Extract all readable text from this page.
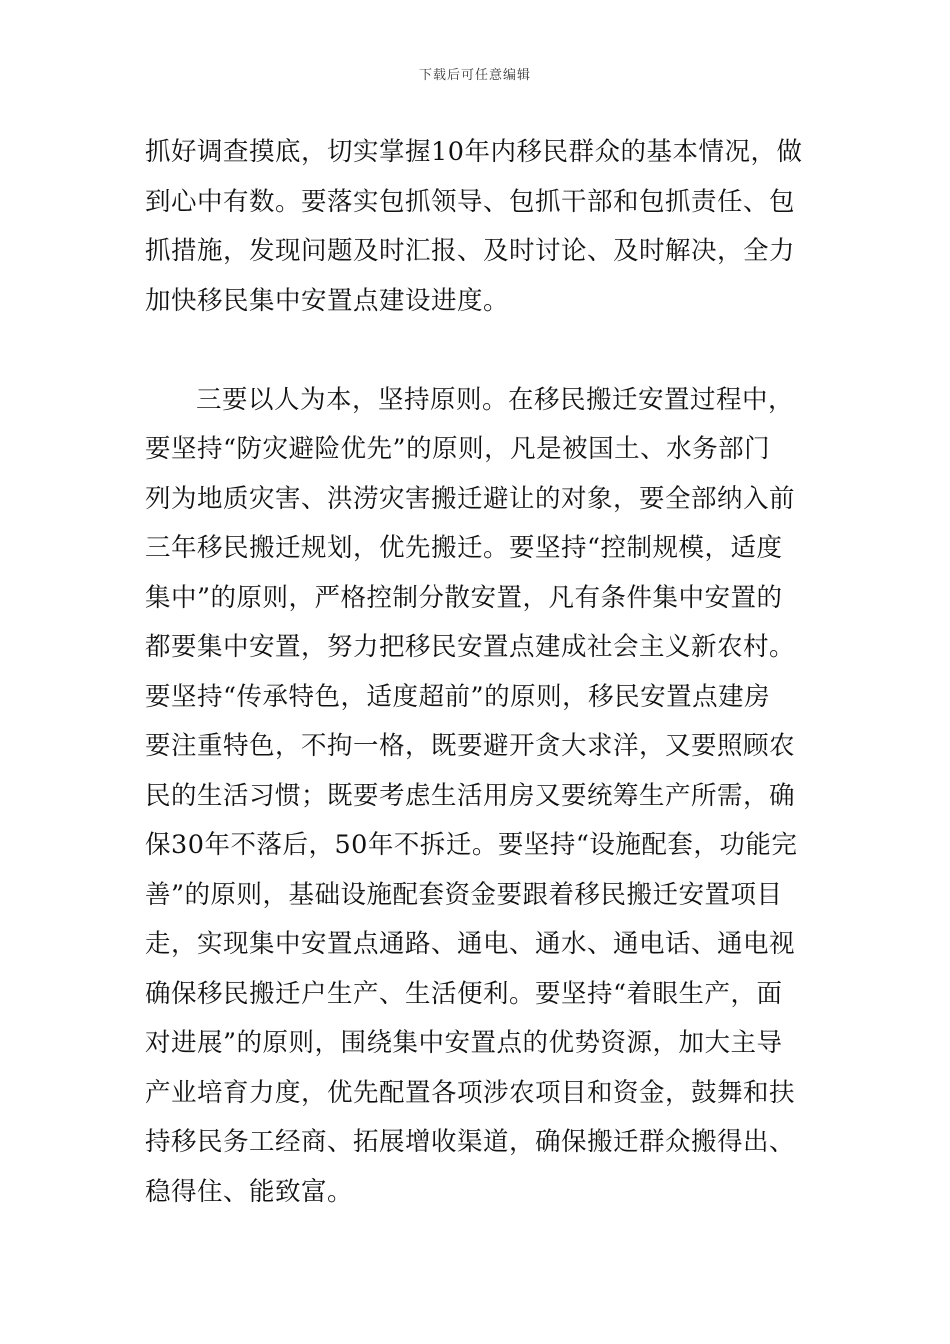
下载后可任意编辑
抓好调查摸底，切实掌握10年内移民群众的基本情况，做
到心中有数。要落实包抓领导、包抓干部和包抓责任、包
抓措施，发现问题及时汇报、及时讨论、及时解决，全力
加快移民集中安置点建设进度。
三要以人为本，坚持原则。在移民搬迁安置过程中，
要坚持“防灾避险优先”的原则，凡是被国土、水务部门
列为地质灾害、洪涝灾害搬迁避让的对象，要全部纳入前
三年移民搬迁规划，优先搬迁。要坚持“控制规模，适度
集中”的原则，严格控制分散安置，凡有条件集中安置的
都要集中安置，努力把移民安置点建成社会主义新农村。
要坚持“传承特色，适度超前”的原则，移民安置点建房
要注重特色，不拘一格，既要避开贪大求洋，又要照顾农
民的生活习惯；既要考虑生活用房又要统筹生产所需，确
保30年不落后，50年不拆迁。要坚持“设施配套，功能完
善”的原则，基础设施配套资金要跟着移民搬迁安置项目
走，实现集中安置点通路、通电、通水、通电话、通电视
确保移民搬迁户生产、生活便利。要坚持“着眼生产，面
对进展”的原则，围绕集中安置点的优势资源，加大主导
产业培育力度，优先配置各项涉农项目和资金，鼓舞和扶
持移民务工经商、拓展增收渠道，确保搬迁群众搬得出、
稳得住、能致富。
